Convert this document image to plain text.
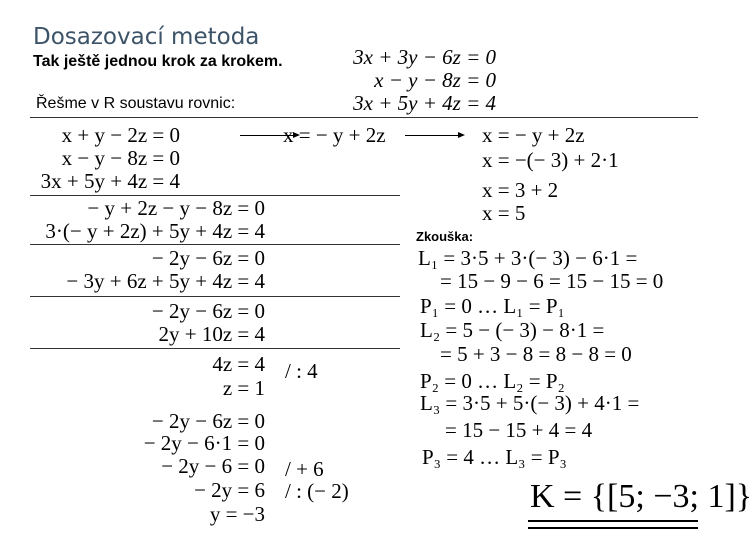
Dosazovací metoda
Tak ještě jednou krok za krokem.
Řešme v R soustavu rovnic:
3x + 3y − 6z = 0
x − y − 8z = 0
3x + 5y + 4z = 4
x + y − 2z = 0
x − y − 8z = 0
3x + 5y + 4z = 4
x = − y + 2z	x = − y + 2z
x = −(− 3) + 2·1
x = 3 + 2
x = 5
− y + 2z − y − 8z = 0
3·(− y + 2z) + 5y + 4z = 4
− 2y − 6z = 0
− 3y + 6z + 5y + 4z = 4
− 2y − 6z = 0
2y + 10z = 4
4z = 4
z = 1
− 2y − 6z = 0
− 2y − 6·1 = 0
− 2y − 6 = 0
− 2y = 6
y = −3
/ : 4
/ + 6
/ : (− 2)
Zkouška:
L₁ = 3·5 + 3·(− 3) − 6·1 =
= 15 − 9 − 6 = 15 − 15 = 0
P₁ = 0 … L₁ = P₁
L₂ = 5 − (− 3) − 8·1 =
= 5 + 3 − 8 = 8 − 8 = 0
P₂ = 0 … L₂ = P₂
L₃ = 3·5 + 5·(− 3) + 4·1 =
= 15 − 15 + 4 = 4
P₃ = 4 … L₃ = P₃
K = {[5; −3; 1]}
